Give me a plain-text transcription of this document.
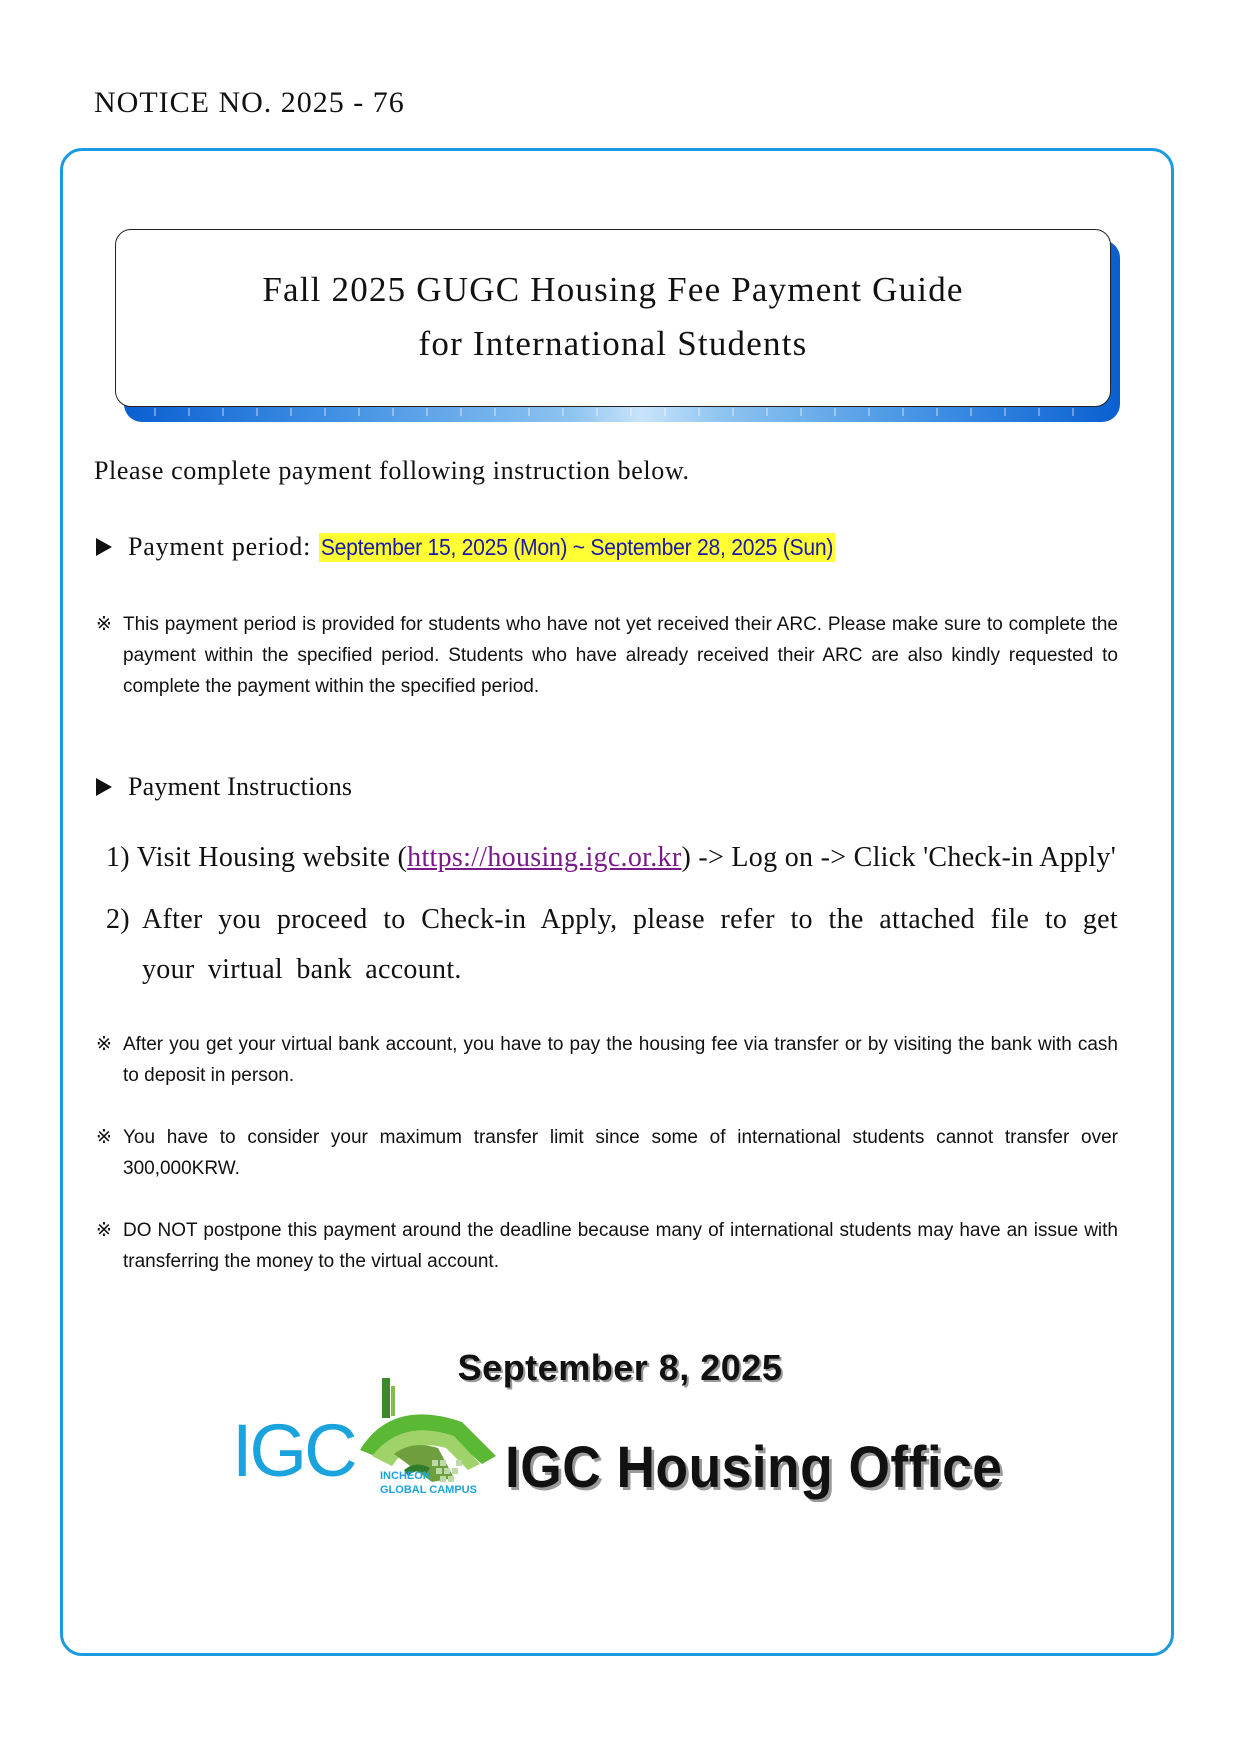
NOTICE NO. 2025 - 76
Fall 2025 GUGC Housing Fee Payment Guide
for International Students
Please complete payment following instruction below.
Payment period: September 15, 2025 (Mon) ~ September 28, 2025 (Sun)
※ This payment period is provided for students who have not yet received their ARC. Please make sure to complete the payment within the specified period. Students who have already received their ARC are also kindly requested to complete the payment within the specified period.
Payment Instructions
1) Visit Housing website (https://housing.igc.or.kr) -> Log on -> Click 'Check-in Apply'
2) After you proceed to Check-in Apply, please refer to the attached file to get your virtual bank account.
※ After you get your virtual bank account, you have to pay the housing fee via transfer or by visiting the bank with cash to deposit in person.
※ You have to consider your maximum transfer limit since some of international students cannot transfer over 300,000KRW.
※ DO NOT postpone this payment around the deadline because many of international students may have an issue with transferring the money to the virtual account.
September 8, 2025
IGC INCHEON
GLOBAL CAMPUS IGC Housing Office
